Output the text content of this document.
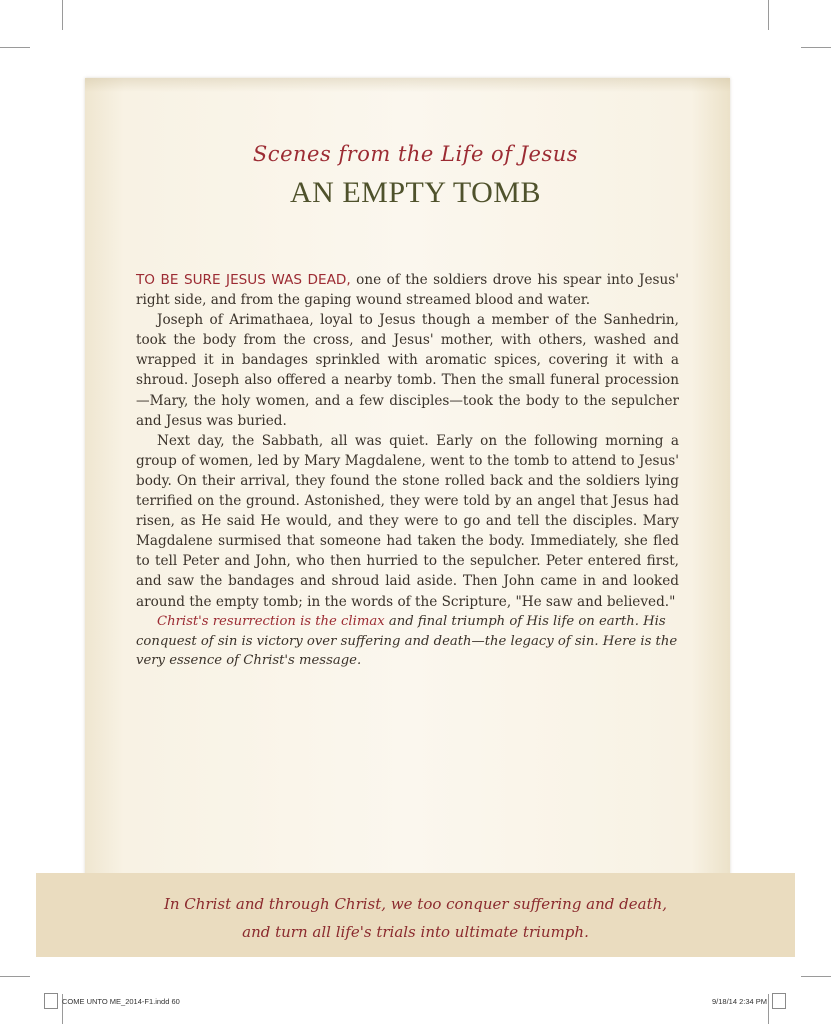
Scenes from the Life of Jesus
AN EMPTY TOMB

TO BE SURE JESUS WAS DEAD, one of the soldiers drove his spear into Jesus' right side, and from the gaping wound streamed blood and water.

Joseph of Arimathaea, loyal to Jesus though a member of the Sanhedrin, took the body from the cross, and Jesus' mother, with others, washed and wrapped it in bandages sprinkled with aromatic spices, covering it with a shroud. Joseph also offered a nearby tomb. Then the small funeral procession—Mary, the holy women, and a few disciples—took the body to the sepulcher and Jesus was buried.

Next day, the Sabbath, all was quiet. Early on the following morning a group of women, led by Mary Magdalene, went to the tomb to attend to Jesus' body. On their arrival, they found the stone rolled back and the soldiers lying terrified on the ground. Astonished, they were told by an angel that Jesus had risen, as He said He would, and they were to go and tell the disciples. Mary Magdalene surmised that someone had taken the body. Immediately, she fled to tell Peter and John, who then hurried to the sepulcher. Peter entered first, and saw the bandages and shroud laid aside. Then John came in and looked around the empty tomb; in the words of the Scripture, "He saw and believed."

Christ's resurrection is the climax and final triumph of His life on earth. His conquest of sin is victory over suffering and death—the legacy of sin. Here is the very essence of Christ's message.

In Christ and through Christ, we too conquer suffering and death,
and turn all life's trials into ultimate triumph.
COME UNTO ME_2014-F1.indd 60	9/18/14 2:34 PM
